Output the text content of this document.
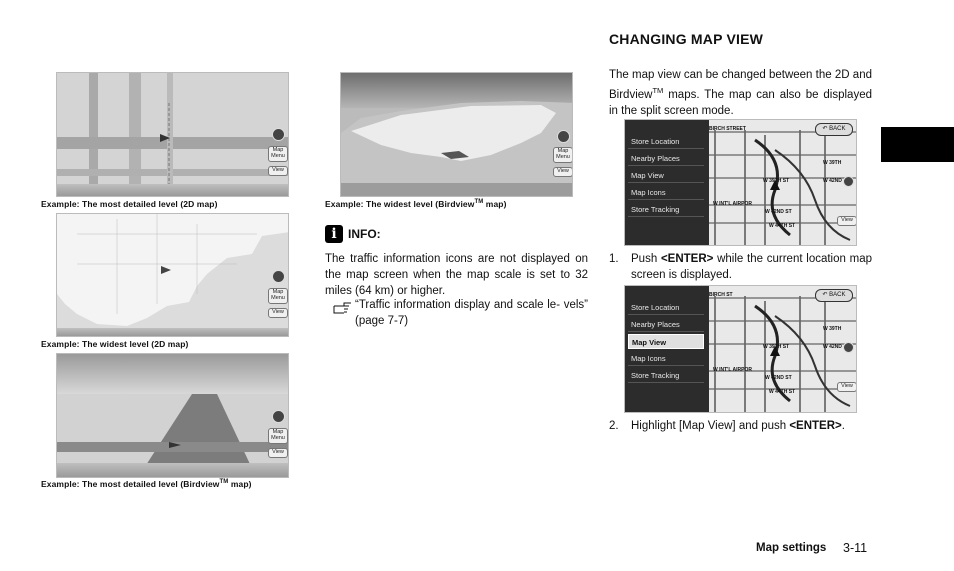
Map
Menu
View
Example: The most detailed level (2D map)
Map
Menu
View
Example: The widest level (2D map)
Map
Menu
View
Example: The most detailed level (Birdview™ map)
Map
Menu
View
Example: The widest level (Birdview™ map)
i INFO:
The traffic information icons are not displayed on the map screen when the map scale is set to 32 miles (64 km) or higher.
“Traffic information display and scale le- vels” (page 7-7)
CHANGING MAP VIEW
The map view can be changed between the 2D and Birdview™ maps. The map can also be displayed in the split screen mode.
Store Location
Nearby Places
Map View
Map Icons
Store Tracking
↶ BACK
BIRCH STREET
W 39TH ST
W INT'L AIRPOR
W 42ND ST
W 44TH ST
W 39TH
W 42ND
View
1. Push <ENTER> while the current location map screen is displayed.
Store Location
Nearby Places
Map View
Map Icons
Store Tracking
↶ BACK
BIRCH ST
W 39TH ST
W INT'L AIRPOR
W 42ND ST
W 44TH ST
W 39TH
W 42ND
View
2. Highlight [Map View] and push <ENTER>.
Map settings 3-11
